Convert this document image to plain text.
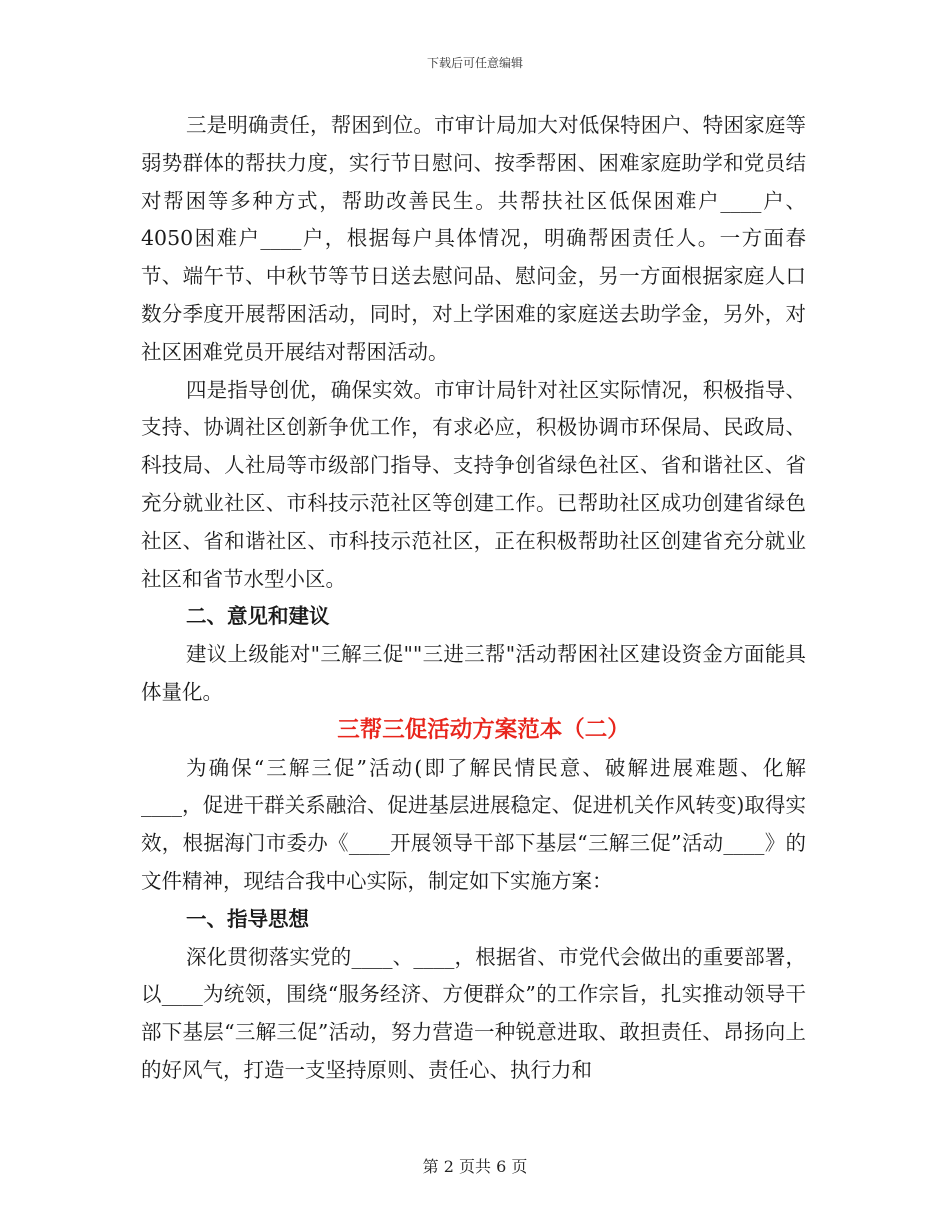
下载后可任意编辑

三是明确责任，帮困到位。市审计局加大对低保特困户、特困家庭等弱势群体的帮扶力度，实行节日慰问、按季帮困、困难家庭助学和党员结对帮困等多种方式，帮助改善民生。共帮扶社区低保困难户____户、4050困难户____户，根据每户具体情况，明确帮困责任人。一方面春节、端午节、中秋节等节日送去慰问品、慰问金，另一方面根据家庭人口数分季度开展帮困活动，同时，对上学困难的家庭送去助学金，另外，对社区困难党员开展结对帮困活动。

四是指导创优，确保实效。市审计局针对社区实际情况，积极指导、支持、协调社区创新争优工作，有求必应，积极协调市环保局、民政局、科技局、人社局等市级部门指导、支持争创省绿色社区、省和谐社区、省充分就业社区、市科技示范社区等创建工作。已帮助社区成功创建省绿色社区、省和谐社区、市科技示范社区，正在积极帮助社区创建省充分就业社区和省节水型小区。

二、意见和建议

建议上级能对"三解三促""三进三帮"活动帮困社区建设资金方面能具体量化。

三帮三促活动方案范本（二）

为确保“三解三促”活动(即了解民情民意、破解进展难题、化解____，促进干群关系融洽、促进基层进展稳定、促进机关作风转变)取得实效，根据海门市委办《____开展领导干部下基层“三解三促”活动____》的文件精神，现结合我中心实际，制定如下实施方案：

一、指导思想

深化贯彻落实党的____、____，根据省、市党代会做出的重要部署，以____为统领，围绕“服务经济、方便群众”的工作宗旨，扎实推动领导干部下基层“三解三促”活动，努力营造一种锐意进取、敢担责任、昂扬向上的好风气，打造一支坚持原则、责任心、执行力和

第 2 页共 6 页
